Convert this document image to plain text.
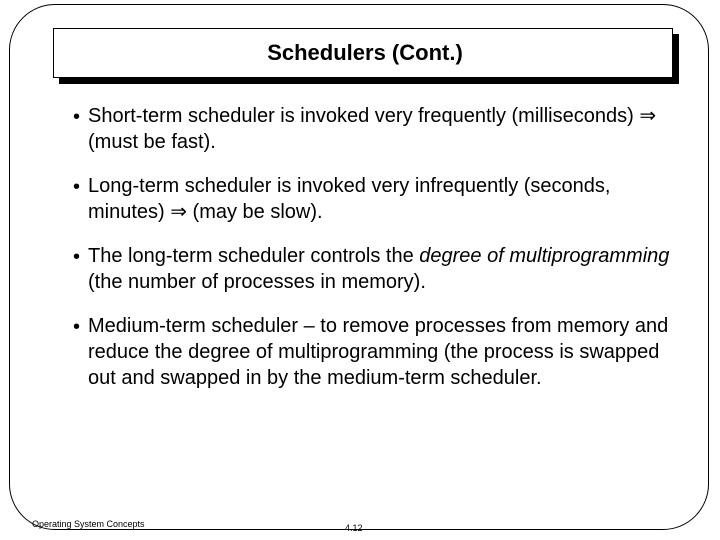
Schedulers (Cont.)
• Short-term scheduler is invoked very frequently (milliseconds) ⇒ (must be fast).
• Long-term scheduler is invoked very infrequently (seconds, minutes) ⇒ (may be slow).
• The long-term scheduler controls the degree of multiprogramming (the number of processes in memory).
• Medium-term scheduler – to remove processes from memory and reduce the degree of multiprogramming (the process is swapped out and swapped in by the medium-term scheduler.
Operating System Concepts	4.12
